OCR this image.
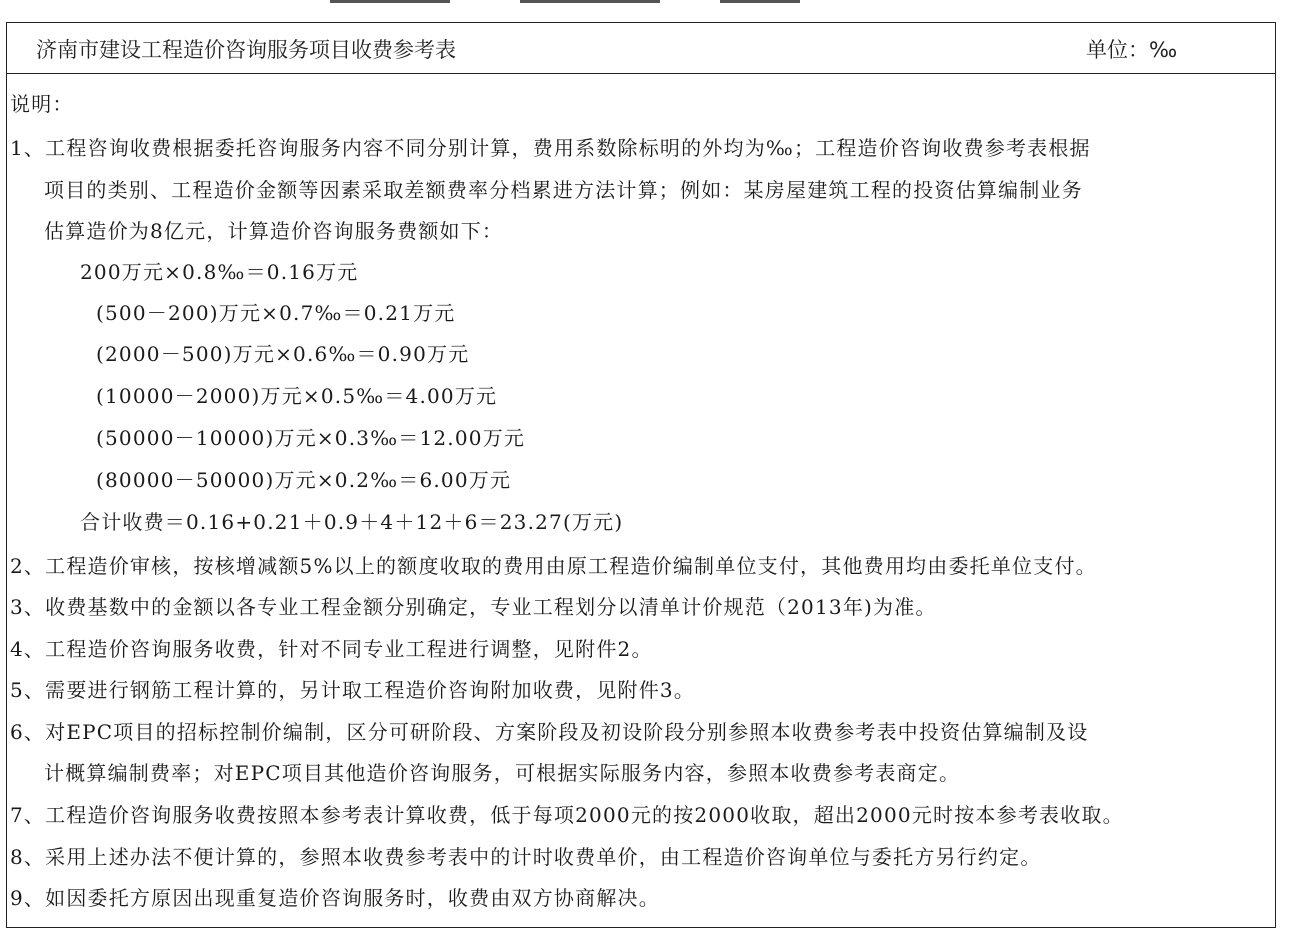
济南市建设工程造价咨询服务项目收费参考表	单位：‰
说明：
1、工程咨询收费根据委托咨询服务内容不同分别计算，费用系数除标明的外均为‰；工程造价咨询收费参考表根据
项目的类别、工程造价金额等因素采取差额费率分档累进方法计算；例如：某房屋建筑工程的投资估算编制业务
估算造价为8亿元，计算造价咨询服务费额如下：
200万元×0.8‰＝0.16万元
(500－200)万元×0.7‰＝0.21万元
(2000－500)万元×0.6‰＝0.90万元
(10000－2000)万元×0.5‰＝4.00万元
(50000－10000)万元×0.3‰＝12.00万元
(80000－50000)万元×0.2‰＝6.00万元
合计收费＝0.16+0.21＋0.9＋4＋12＋6＝23.27(万元)
2、工程造价审核，按核增减额5%以上的额度收取的费用由原工程造价编制单位支付，其他费用均由委托单位支付。
3、收费基数中的金额以各专业工程金额分别确定，专业工程划分以清单计价规范（2013年)为准。
4、工程造价咨询服务收费，针对不同专业工程进行调整，见附件2。
5、需要进行钢筋工程计算的，另计取工程造价咨询附加收费，见附件3。
6、对EPC项目的招标控制价编制，区分可研阶段、方案阶段及初设阶段分别参照本收费参考表中投资估算编制及设
计概算编制费率；对EPC项目其他造价咨询服务，可根据实际服务内容，参照本收费参考表商定。
7、工程造价咨询服务收费按照本参考表计算收费，低于每项2000元的按2000收取，超出2000元时按本参考表收取。
8、采用上述办法不便计算的，参照本收费参考表中的计时收费单价，由工程造价咨询单位与委托方另行约定。
9、如因委托方原因出现重复造价咨询服务时，收费由双方协商解决。
